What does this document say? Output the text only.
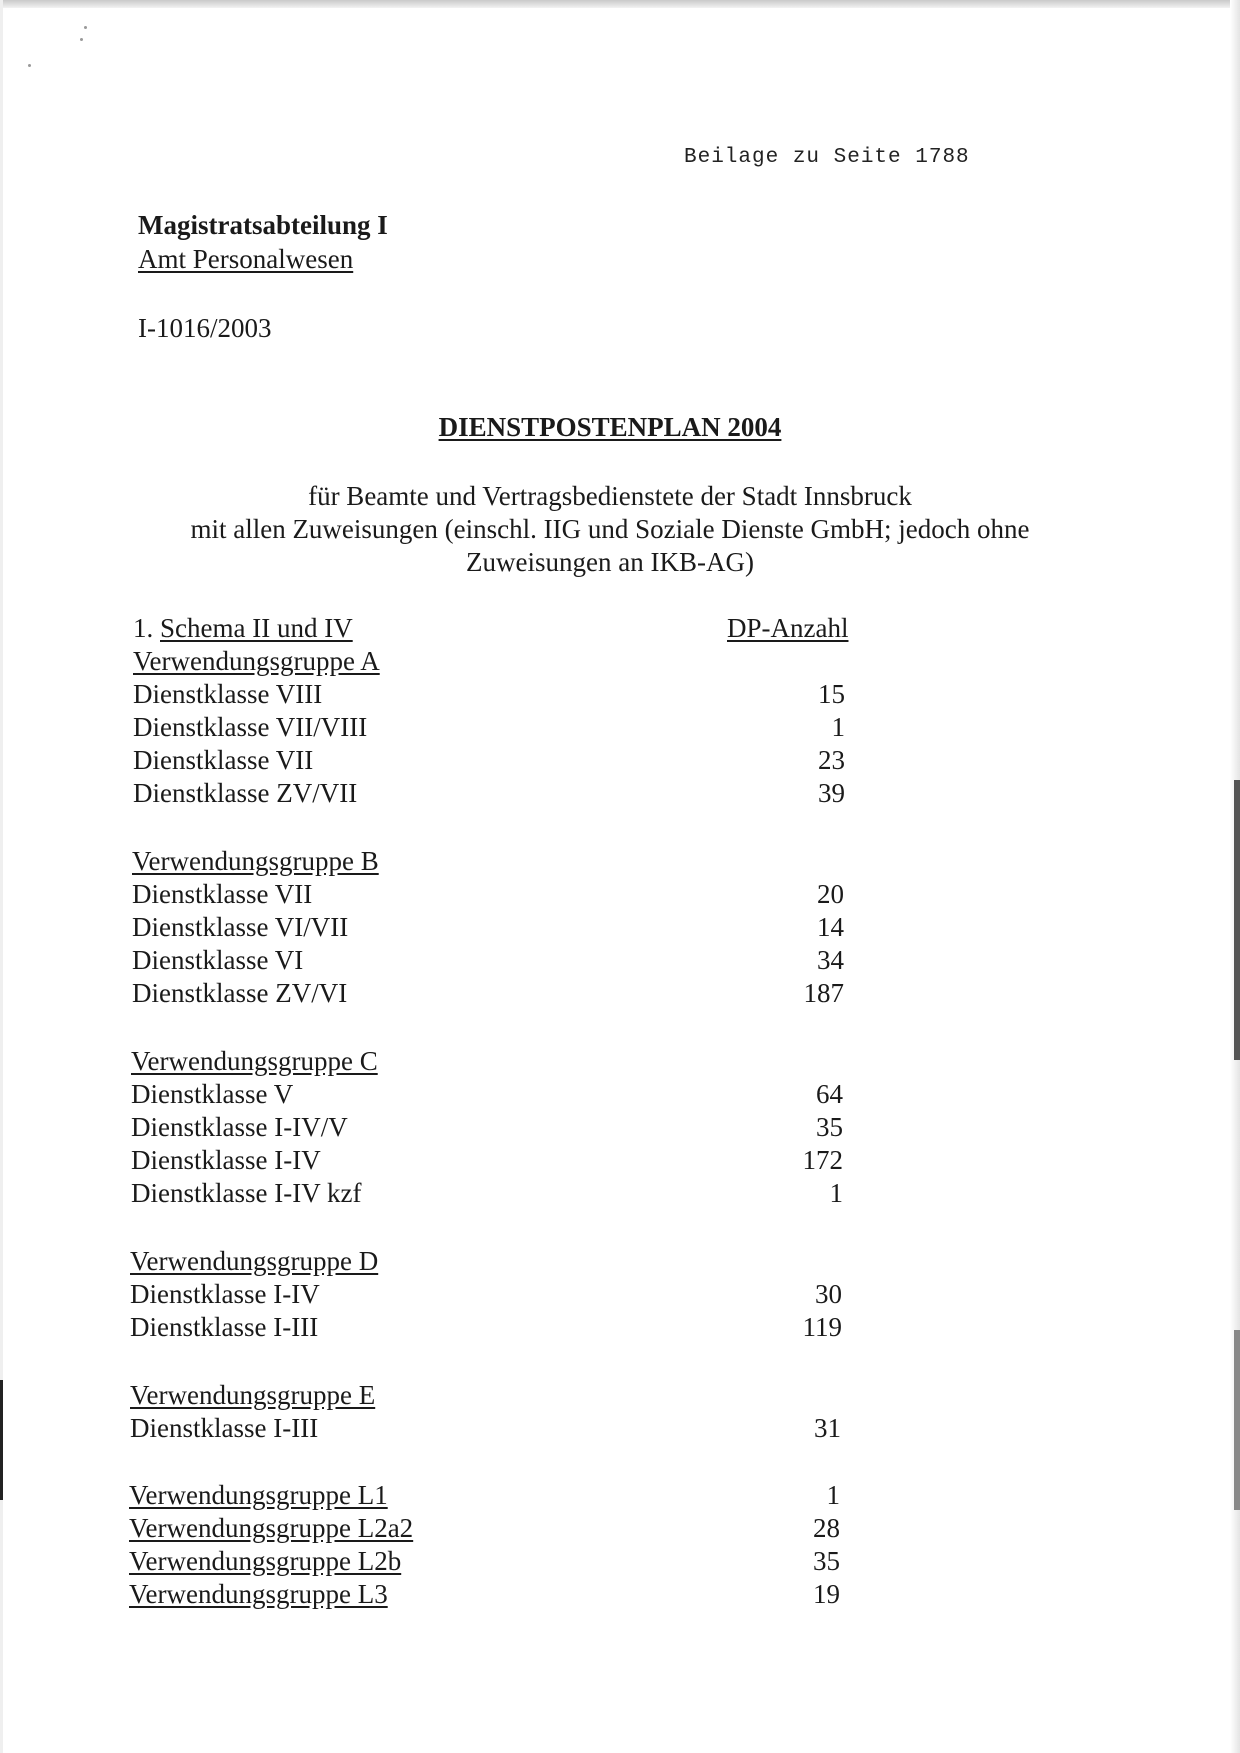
Beilage zu Seite 1788
Magistratsabteilung I
Amt Personalwesen
I-1016/2003
DIENSTPOSTENPLAN 2004
für Beamte und Vertragsbedienstete der Stadt Innsbruck
mit allen Zuweisungen (einschl. IIG und Soziale Dienste GmbH; jedoch ohne
Zuweisungen an IKB-AG)
1. Schema II und IV	DP-Anzahl
Verwendungsgruppe A
Dienstklasse VIII	15
Dienstklasse VII/VIII	1
Dienstklasse VII	23
Dienstklasse ZV/VII	39
Verwendungsgruppe B
Dienstklasse VII	20
Dienstklasse VI/VII	14
Dienstklasse VI	34
Dienstklasse ZV/VI	187
Verwendungsgruppe C
Dienstklasse V	64
Dienstklasse I-IV/V	35
Dienstklasse I-IV	172
Dienstklasse I-IV kzf	1
Verwendungsgruppe D
Dienstklasse I-IV	30
Dienstklasse I-III	119
Verwendungsgruppe E
Dienstklasse I-III	31
Verwendungsgruppe L1	1
Verwendungsgruppe L2a2	28
Verwendungsgruppe L2b	35
Verwendungsgruppe L3	19
